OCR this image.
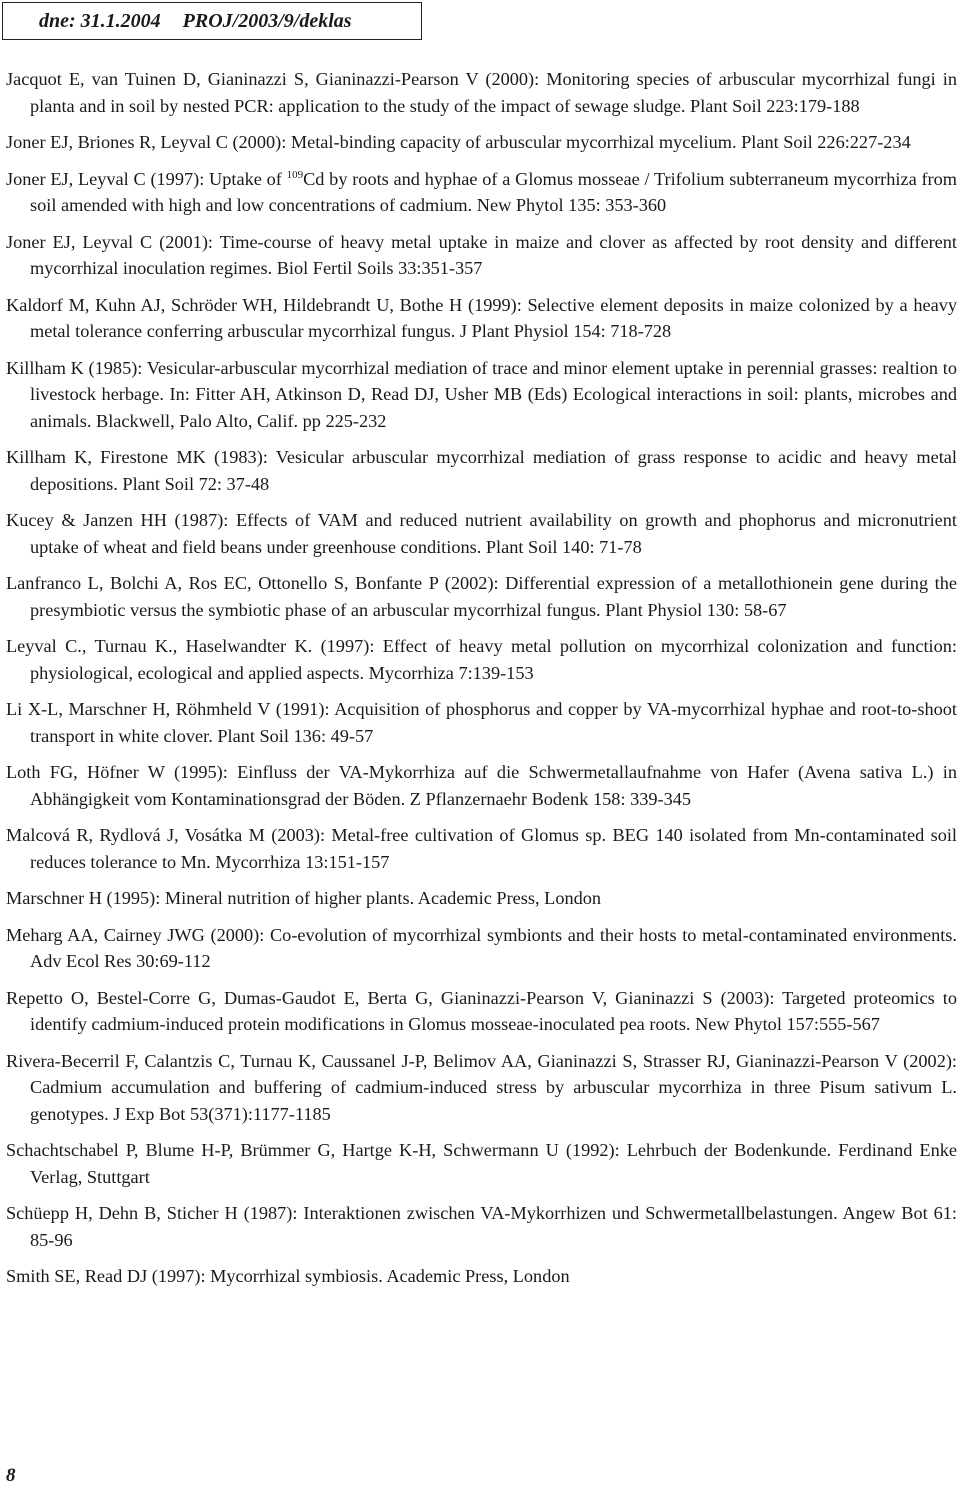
dne: 31.1.2004 PROJ/2003/9/deklas

Jacquot E, van Tuinen D, Gianinazzi S, Gianinazzi-Pearson V (2000): Monitoring species of arbuscular mycorrhizal fungi in planta and in soil by nested PCR: application to the study of the impact of sewage sludge. Plant Soil 223:179-188

Joner EJ, Briones R, Leyval C (2000): Metal-binding capacity of arbuscular mycorrhizal mycelium. Plant Soil 226:227-234

Joner EJ, Leyval C (1997): Uptake of $^{109}$Cd by roots and hyphae of a Glomus mosseae / Trifolium subterraneum mycorrhiza from soil amended with high and low concentrations of cadmium. New Phytol 135: 353-360

Joner EJ, Leyval C (2001): Time-course of heavy metal uptake in maize and clover as affected by root density and different mycorrhizal inoculation regimes. Biol Fertil Soils 33:351-357

Kaldorf M, Kuhn AJ, Schröder WH, Hildebrandt U, Bothe H (1999): Selective element deposits in maize colonized by a heavy metal tolerance conferring arbuscular mycorrhizal fungus. J Plant Physiol 154: 718-728

Killham K (1985): Vesicular-arbuscular mycorrhizal mediation of trace and minor element uptake in perennial grasses: realtion to livestock herbage. In: Fitter AH, Atkinson D, Read DJ, Usher MB (Eds) Ecological interactions in soil: plants, microbes and animals. Blackwell, Palo Alto, Calif. pp 225-232

Killham K, Firestone MK (1983): Vesicular arbuscular mycorrhizal mediation of grass response to acidic and heavy metal depositions. Plant Soil 72: 37-48

Kucey & Janzen HH (1987): Effects of VAM and reduced nutrient availability on growth and phophorus and micronutrient uptake of wheat and field beans under greenhouse conditions. Plant Soil 140: 71-78

Lanfranco L, Bolchi A, Ros EC, Ottonello S, Bonfante P (2002): Differential expression of a metallothionein gene during the presymbiotic versus the symbiotic phase of an arbuscular mycorrhizal fungus. Plant Physiol 130: 58-67

Leyval C., Turnau K., Haselwandter K. (1997): Effect of heavy metal pollution on mycorrhizal colonization and function: physiological, ecological and applied aspects. Mycorrhiza 7:139-153

Li X-L, Marschner H, Röhmheld V (1991): Acquisition of phosphorus and copper by VA-mycorrhizal hyphae and root-to-shoot transport in white clover. Plant Soil 136: 49-57

Loth FG, Höfner W (1995): Einfluss der VA-Mykorrhiza auf die Schwermetallaufnahme von Hafer (Avena sativa L.) in Abhängigkeit vom Kontaminationsgrad der Böden. Z Pflanzernaehr Bodenk 158: 339-345

Malcová R, Rydlová J, Vosátka M (2003): Metal-free cultivation of Glomus sp. BEG 140 isolated from Mn-contaminated soil reduces tolerance to Mn. Mycorrhiza 13:151-157

Marschner H (1995): Mineral nutrition of higher plants. Academic Press, London

Meharg AA, Cairney JWG (2000): Co-evolution of mycorrhizal symbionts and their hosts to metal-contaminated environments. Adv Ecol Res 30:69-112

Repetto O, Bestel-Corre G, Dumas-Gaudot E, Berta G, Gianinazzi-Pearson V, Gianinazzi S (2003): Targeted proteomics to identify cadmium-induced protein modifications in Glomus mosseae-inoculated pea roots. New Phytol 157:555-567

Rivera-Becerril F, Calantzis C, Turnau K, Caussanel J-P, Belimov AA, Gianinazzi S, Strasser RJ, Gianinazzi-Pearson V (2002): Cadmium accumulation and buffering of cadmium-induced stress by arbuscular mycorrhiza in three Pisum sativum L. genotypes. J Exp Bot 53(371):1177-1185

Schachtschabel P, Blume H-P, Brümmer G, Hartge K-H, Schwermann U (1992): Lehrbuch der Bodenkunde. Ferdinand Enke Verlag, Stuttgart

Schüepp H, Dehn B, Sticher H (1987): Interaktionen zwischen VA-Mykorrhizen und Schwermetallbelastungen. Angew Bot 61: 85-96

Smith SE, Read DJ (1997): Mycorrhizal symbiosis. Academic Press, London

8
